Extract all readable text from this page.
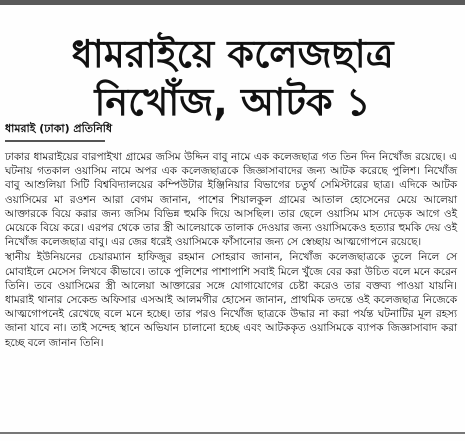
ধামরাইয়ে কলেজছাত্র
নিখোঁজ, আটক ১
ধামরাই (ঢাকা) প্রতিনিধি

ঢাকার ধামরাইয়ের বারপাইখা গ্রামের জসিম উদ্দিন বাবু নামে এক কলেজছাত্র গত তিন দিন নিখোঁজ রয়েছে। এ ঘটনায় গতকাল ওয়াসিম নামে অপর এক কলেজছাত্রকে জিজ্ঞাসাবাদের জন্য আটক করেছে পুলিশ। নিখোঁজ বাবু আশুলিয়া সিটি বিশ্ববিদ্যালয়ের কম্পিউটার ইঞ্জিনিয়ার বিভাগের চতুর্থ সেমিস্টারের ছাত্র। এদিকে আটক ওয়াসিমের মা রওশন আরা বেগম জানান, পাশের শিয়ালকুল গ্রামের আতাল হোসেনের মেয়ে আলেয়া আক্তারকে বিয়ে করার জন্য জসিম বিভিন্ন হুমকি দিয়ে আসছিল। তার ছেলে ওয়াসিম মাস দেড়েক আগে ওই মেয়েকে বিয়ে করে। এরপর থেকে তার স্ত্রী আলেয়াকে তালাক দেওয়ার জন্য ওয়াসিমকেও হত্যার হুমকি দেয় ওই নিখোঁজ কলেজছাত্র বাবু। এর জের ধরেই ওয়াসিমকে ফাঁসানোর জন্য সে স্বেচ্ছায় আত্মগোপনে রয়েছে।

স্থানীয় ইউনিয়নের চেয়ারম্যান হাফিজুর রহমান সোহরাব জানান, নিখোঁজ কলেজছাত্রকে তুলে নিলে সে মোবাইলে মেসেস লিখবে কীভাবে। তাকে পুলিশের পাশাপাশি সবাই মিলে খুঁজে বের করা উচিত বলে মনে করেন তিনি। তবে ওয়াসিমের স্ত্রী আলেয়া আক্তারের সঙ্গে যোগাযোগের চেষ্টা করেও তার বক্তব্য পাওয়া যায়নি। ধামরাই থানার সেকেন্ড অফিসার এসআই আলমগীর হোসেন জানান, প্রাথমিক তদন্তে ওই কলেজছাত্র নিজেকে আত্মগোপনেই রেখেছে বলে মনে হচ্ছে। তার পরও নিখোঁজ ছাত্রকে উদ্ধার না করা পর্যন্ত ঘটনাটির মূল রহস্য জানা যাবে না। তাই সন্দেহ স্থানে অভিযান চালানো হচ্ছে এবং আটককৃত ওয়াসিমকে ব্যাপক জিজ্ঞাসাবাদ করা হচ্ছে বলে জানান তিনি।
